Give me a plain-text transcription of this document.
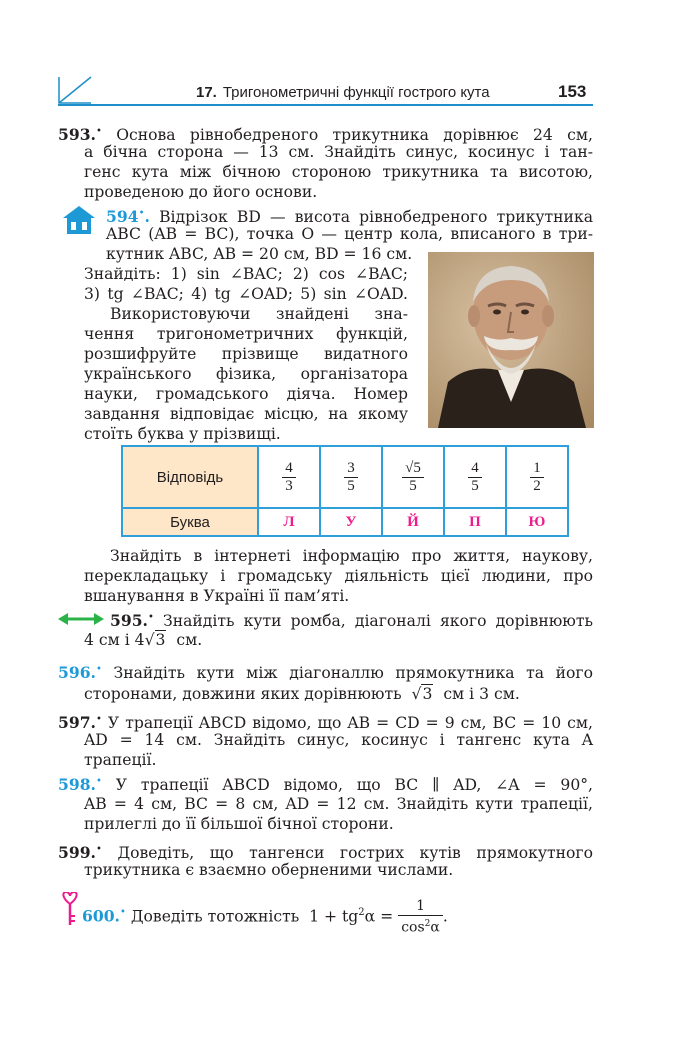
17. Тригонометричні функції гострого кута	153
593.• Основа рівнобедреного трикутника дорівнює 24 см,
а бічна сторона — 13 см. Знайдіть синус, косинус і тан-
генс кута між бічною стороною трикутника та висотою,
проведеною до його основи.
594•. Відрізок BD — висота рівнобедреного трикутника
ABC (AB = BC), точка O — центр кола, вписаного в три-
кутник ABC, AB = 20 см, BD = 16 см.
Знайдіть: 1) sin ∠BAC; 2) cos ∠BAC;
3) tg ∠BAC; 4) tg ∠OAD; 5) sin ∠OAD.
Використовуючи знайдені зна-
чення тригонометричних функцій,
розшифруйте прізвище видатного
українського фізика, організатора
науки, громадського діяча. Номер
завдання відповідає місцю, на якому
стоїть буква у прізвищі.
Відповідь	$\frac{4}{3}$	$\frac{3}{5}$	$\frac{√5}{5}$	$\frac{4}{5}$	$\frac{1}{2}$

Буква	Л	У	Й	П	Ю
Знайдіть в інтернеті інформацію про життя, наукову,
перекладацьку і громадську діяльність цієї людини, про
вшанування в Україні її пам’яті.
595.• Знайдіть кути ромба, діагоналі якого дорівнюють
4 см і 4√3 см.
596.• Знайдіть кути між діагоналлю прямокутника та його
сторонами, довжини яких дорівнюють  √3 см і 3 см.
597.• У трапеції ABCD відомо, що AB = CD = 9 см, BC = 10 см,
AD = 14 см. Знайдіть синус, косинус і тангенс кута A
трапеції.
598.• У трапеції ABCD відомо, що BC ∥ AD, ∠A = 90°,
AB = 4 см, BC = 8 см, AD = 12 см. Знайдіть кути трапеції,
прилеглі до її більшої бічної сторони.
599.• Доведіть, що тангенси гострих кутів прямокутного
трикутника є взаємно оберненими числами.
600.• Доведіть тотожність $1 + tg^2\alpha = \frac{1}{\cos^2\alpha}$ .
